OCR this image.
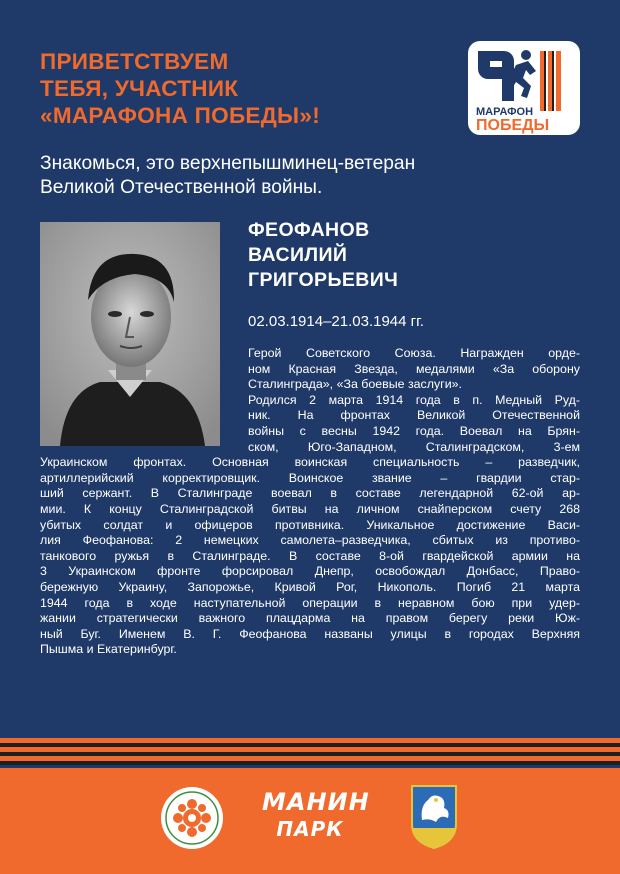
ПРИВЕТСТВУЕМ
ТЕБЯ, УЧАСТНИК
«МАРАФОНА ПОБЕДЫ»!	МАРАФОН
ПОБЕДЫ

Знакомься, это верхнепышминец-ветеран
Великой Отечественной войны.

ФЕОФАНОВ
ВАСИЛИЙ
ГРИГОРЬЕВИЧ

02.03.1914–21.03.1944 гг.

Герой Советского Союза. Награжден орде-
ном Красная Звезда, медалями «За оборону
Сталинграда», «За боевые заслуги».
Родился 2 марта 1914 года в п. Медный Руд-
ник. На фронтах Великой Отечественной
войны с весны 1942 года. Воевал на Брян-
ском, Юго-Западном, Сталинградском, 3-ем
Украинском фронтах. Основная воинская специальность – разведчик,
артиллерийский корректировщик. Воинское звание – гвардии стар-
ший сержант. В Сталинграде воевал в составе легендарной 62-ой ар-
мии. К концу Сталинградской битвы на личном снайперском счету 268
убитых солдат и офицеров противника. Уникальное достижение Васи-
лия Феофанова: 2 немецких самолета–разведчика, сбитых из противо-
танкового ружья в Сталинграде. В составе 8-ой гвардейской армии на
3 Украинском фронте форсировал Днепр, освобождал Донбасс, Право-
бережную Украину, Запорожье, Кривой Рог, Никополь. Погиб 21 марта
1944 года в ходе наступательной операции в неравном бою при удер-
жании стратегически важного плацдарма на правом берегу реки Юж-
ный Буг. Именем В. Г. Феофанова названы улицы в городах Верхняя
Пышма и Екатеринбург.
МАНИН
ПАРК
